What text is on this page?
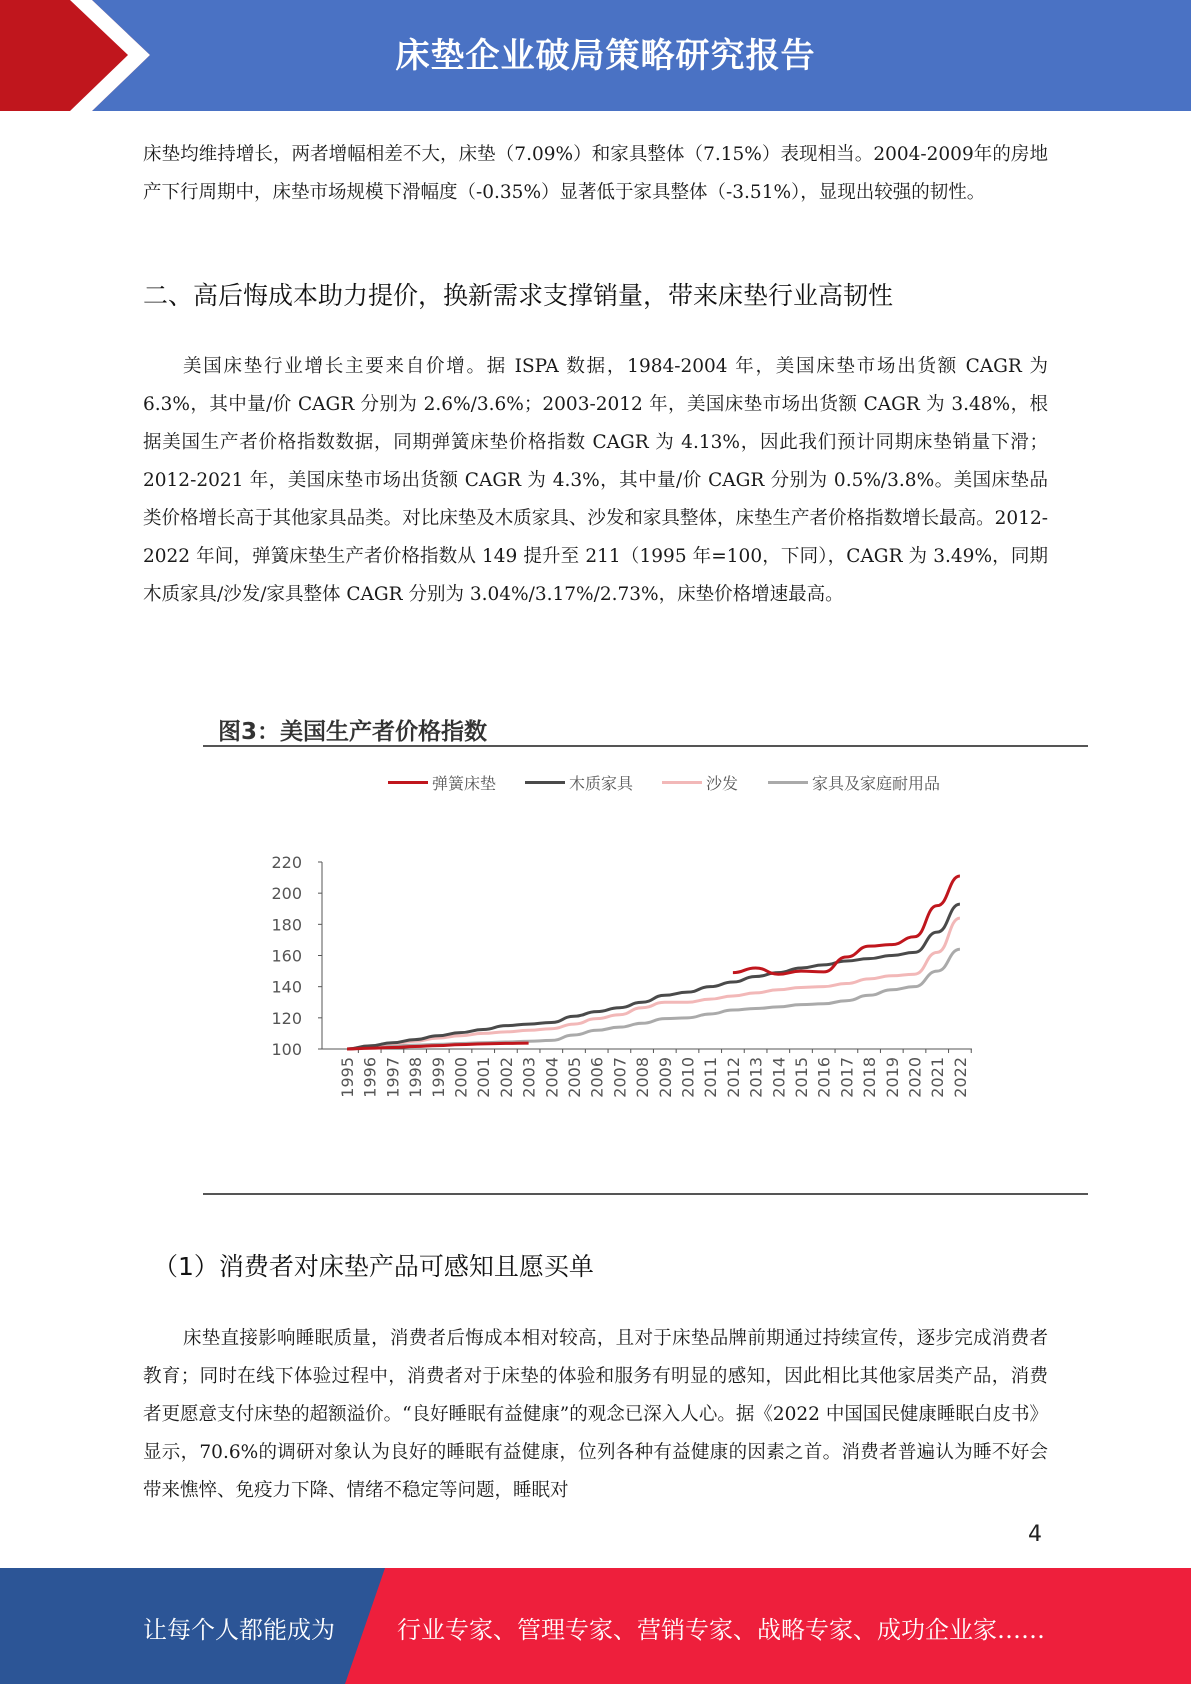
床垫企业破局策略研究报告

床垫均维持增长，两者增幅相差不大，床垫（7.09%）和家具整体（7.15%）表现相当。2004-2009年的房地产下行周期中，床垫市场规模下滑幅度（-0.35%）显著低于家具整体（-3.51%），显现出较强的韧性。

二、高后悔成本助力提价，换新需求支撑销量，带来床垫行业高韧性

美国床垫行业增长主要来自价增。据 ISPA 数据，1984-2004 年，美国床垫市场出货额 CAGR 为 6.3%，其中量/价 CAGR 分别为 2.6%/3.6%；2003-2012 年，美国床垫市场出货额 CAGR 为 3.48%，根据美国生产者价格指数数据，同期弹簧床垫价格指数 CAGR 为 4.13%，因此我们预计同期床垫销量下滑；2012-2021 年，美国床垫市场出货额 CAGR 为 4.3%，其中量/价 CAGR 分别为 0.5%/3.8%。美国床垫品类价格增长高于其他家具品类。对比床垫及木质家具、沙发和家具整体，床垫生产者价格指数增长最高。2012-2022 年间，弹簧床垫生产者价格指数从 149 提升至 211（1995 年=100，下同），CAGR 为 3.49%，同期木质家具/沙发/家具整体 CAGR 分别为 3.04%/3.17%/2.73%，床垫价格增速最高。

图3：美国生产者价格指数
弹簧床垫	木质家具	沙发	家具及家庭耐用品
100
120
140
160
180
200
220
1995 1996 1997 1998 1999 2000 2001 2002 2003 2004 2005 2006 2007 2008 2009 2010 2011 2012 2013 2014 2015 2016 2017 2018 2019 2020 2021 2022
（1）消费者对床垫产品可感知且愿买单

床垫直接影响睡眠质量，消费者后悔成本相对较高，且对于床垫品牌前期通过持续宣传，逐步完成消费者教育；同时在线下体验过程中，消费者对于床垫的体验和服务有明显的感知，因此相比其他家居类产品，消费者更愿意支付床垫的超额溢价。“良好睡眠有益健康”的观念已深入人心。据《2022 中国国民健康睡眠白皮书》显示，70.6%的调研对象认为良好的睡眠有益健康，位列各种有益健康的因素之首。消费者普遍认为睡不好会带来憔悴、免疫力下降、情绪不稳定等问题，睡眠对

4
让每个人都能成为	行业专家、管理专家、营销专家、战略专家、成功企业家……
